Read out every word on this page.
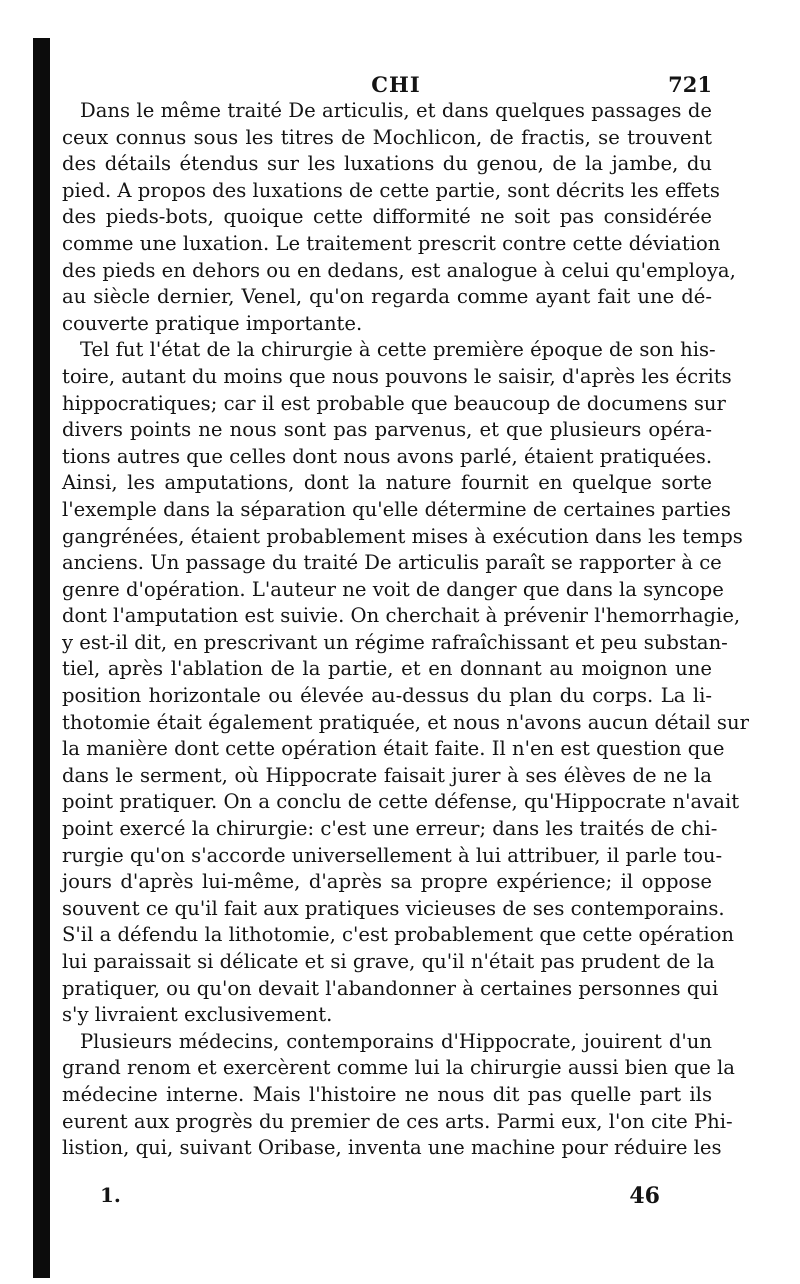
CHI	721
Dans le même traité De articulis, et dans quelques passages de
ceux connus sous les titres de Mochlicon, de fractis, se trouvent
des détails étendus sur les luxations du genou, de la jambe, du
pied. A propos des luxations de cette partie, sont décrits les effets
des pieds-bots, quoique cette difformité ne soit pas considérée
comme une luxation. Le traitement prescrit contre cette déviation
des pieds en dehors ou en dedans, est analogue à celui qu'employa,
au siècle dernier, Venel, qu'on regarda comme ayant fait une dé-
couverte pratique importante.
Tel fut l'état de la chirurgie à cette première époque de son his-
toire, autant du moins que nous pouvons le saisir, d'après les écrits
hippocratiques; car il est probable que beaucoup de documens sur
divers points ne nous sont pas parvenus, et que plusieurs opéra-
tions autres que celles dont nous avons parlé, étaient pratiquées.
Ainsi, les amputations, dont la nature fournit en quelque sorte
l'exemple dans la séparation qu'elle détermine de certaines parties
gangrénées, étaient probablement mises à exécution dans les temps
anciens. Un passage du traité De articulis paraît se rapporter à ce
genre d'opération. L'auteur ne voit de danger que dans la syncope
dont l'amputation est suivie. On cherchait à prévenir l'hemorrhagie,
y est-il dit, en prescrivant un régime rafraîchissant et peu substan-
tiel, après l'ablation de la partie, et en donnant au moignon une
position horizontale ou élevée au-dessus du plan du corps. La li-
thotomie était également pratiquée, et nous n'avons aucun détail sur
la manière dont cette opération était faite. Il n'en est question que
dans le serment, où Hippocrate faisait jurer à ses élèves de ne la
point pratiquer. On a conclu de cette défense, qu'Hippocrate n'avait
point exercé la chirurgie: c'est une erreur; dans les traités de chi-
rurgie qu'on s'accorde universellement à lui attribuer, il parle tou-
jours d'après lui-même, d'après sa propre expérience; il oppose
souvent ce qu'il fait aux pratiques vicieuses de ses contemporains.
S'il a défendu la lithotomie, c'est probablement que cette opération
lui paraissait si délicate et si grave, qu'il n'était pas prudent de la
pratiquer, ou qu'on devait l'abandonner à certaines personnes qui
s'y livraient exclusivement.
Plusieurs médecins, contemporains d'Hippocrate, jouirent d'un
grand renom et exercèrent comme lui la chirurgie aussi bien que la
médecine interne. Mais l'histoire ne nous dit pas quelle part ils
eurent aux progrès du premier de ces arts. Parmi eux, l'on cite Phi-
listion, qui, suivant Oribase, inventa une machine pour réduire les
1.	46
